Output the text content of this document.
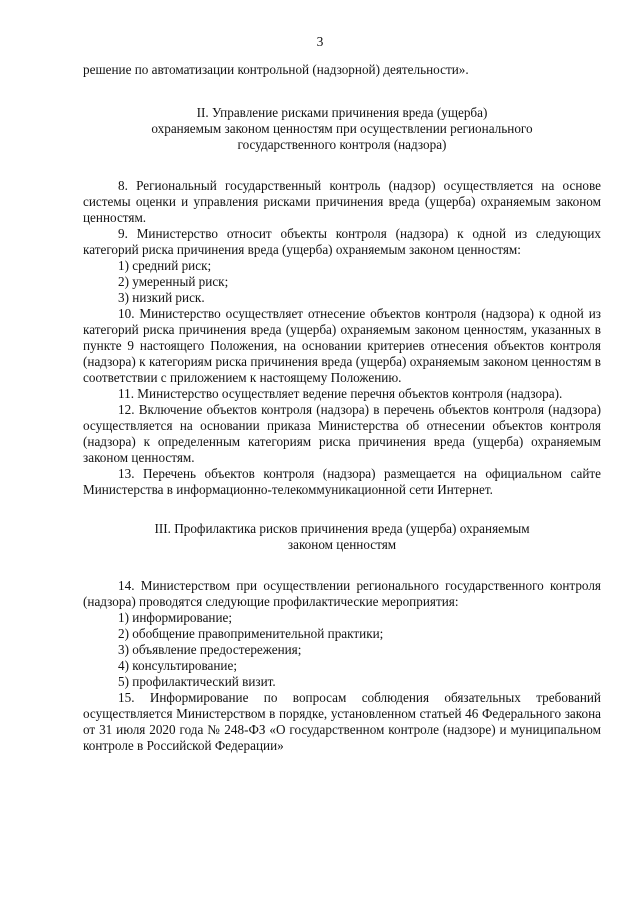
3

решение по автоматизации контрольной (надзорной) деятельности».

II. Управление рисками причинения вреда (ущерба)
охраняемым законом ценностям при осуществлении регионального
государственного контроля (надзора)

8. Региональный государственный контроль (надзор) осуществляется на основе системы оценки и управления рисками причинения вреда (ущерба) охраняемым законом ценностям.

9. Министерство относит объекты контроля (надзора) к одной из следующих категорий риска причинения вреда (ущерба) охраняемым законом ценностям:

1) средний риск;

2) умеренный риск;

3) низкий риск.

10. Министерство осуществляет отнесение объектов контроля (надзора) к одной из категорий риска причинения вреда (ущерба) охраняемым законом ценностям, указанных в пункте 9 настоящего Положения, на основании критериев отнесения объектов контроля (надзора) к категориям риска причинения вреда (ущерба) охраняемым законом ценностям в соответствии с приложением к настоящему Положению.

11. Министерство осуществляет ведение перечня объектов контроля (надзора).

12. Включение объектов контроля (надзора) в перечень объектов контроля (надзора) осуществляется на основании приказа Министерства об отнесении объектов контроля (надзора) к определенным категориям риска причинения вреда (ущерба) охраняемым законом ценностям.

13. Перечень объектов контроля (надзора) размещается на официальном сайте Министерства в информационно-телекоммуникационной сети Интернет.

III. Профилактика рисков причинения вреда (ущерба) охраняемым
законом ценностям

14. Министерством при осуществлении регионального государственного контроля (надзора) проводятся следующие профилактические мероприятия:

1) информирование;

2) обобщение правоприменительной практики;

3) объявление предостережения;

4) консультирование;

5) профилактический визит.

15. Информирование по вопросам соблюдения обязательных требований осуществляется Министерством в порядке, установленном статьей 46 Федерального закона от 31 июля 2020 года № 248-ФЗ «О государственном контроле (надзоре) и муниципальном контроле в Российской Федерации»
